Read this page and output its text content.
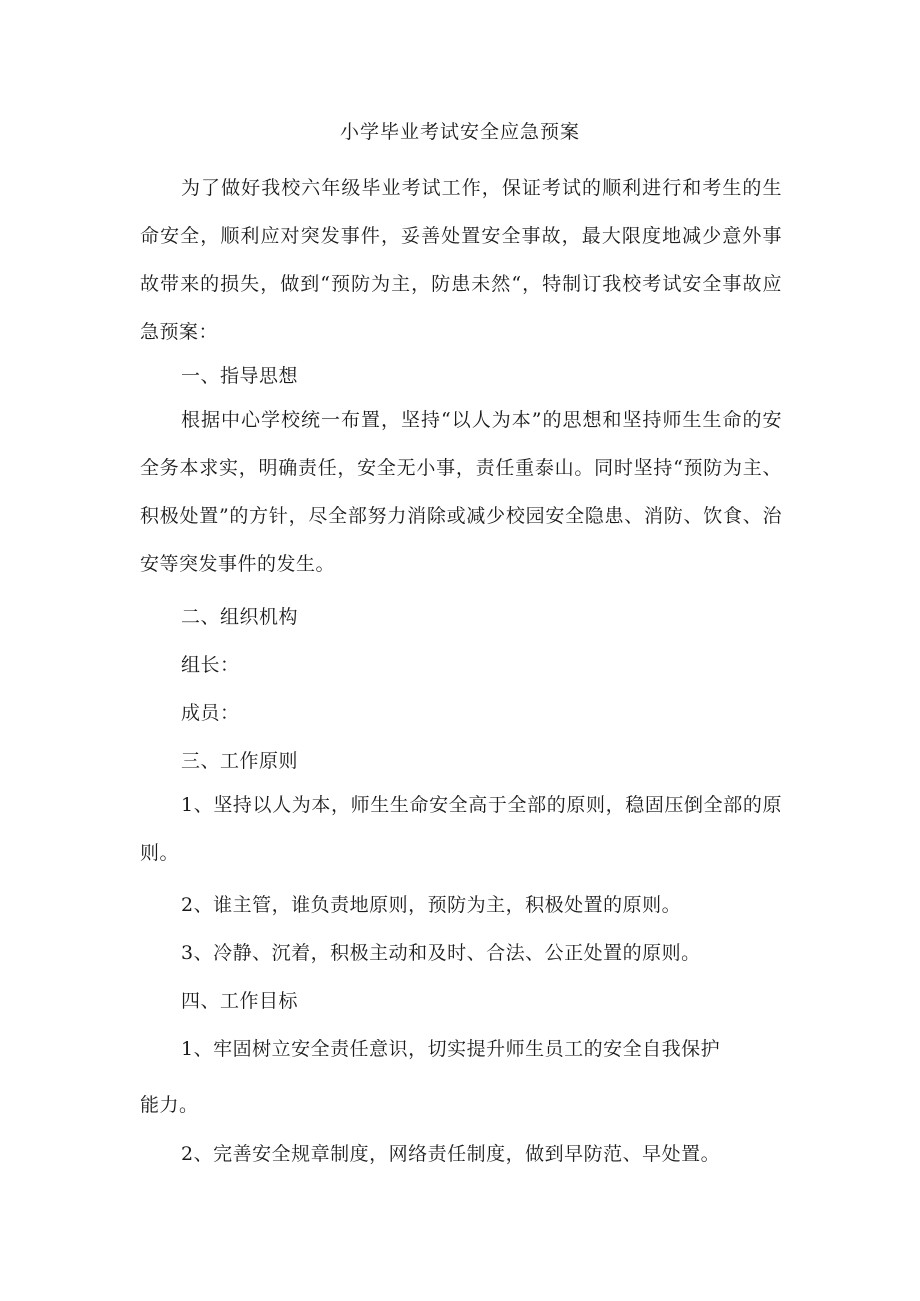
小学毕业考试安全应急预案

为了做好我校六年级毕业考试工作，保证考试的顺利进行和考生的生命安全，顺利应对突发事件，妥善处置安全事故，最大限度地减少意外事故带来的损失，做到“预防为主，防患未然“，特制订我校考试安全事故应急预案：

一、指导思想

根据中心学校统一布置，坚持“以人为本”的思想和坚持师生生命的安全务本求实，明确责任，安全无小事，责任重泰山。同时坚持“预防为主、积极处置”的方针，尽全部努力消除或减少校园安全隐患、消防、饮食、治安等突发事件的发生。

二、组织机构
组长：
成员：
三、工作原则

1、坚持以人为本，师生生命安全高于全部的原则，稳固压倒全部的原则。

2、谁主管，谁负责地原则，预防为主，积极处置的原则。
3、冷静、沉着，积极主动和及时、合法、公正处置的原则。
四、工作目标
1、牢固树立安全责任意识，切实提升师生员工的安全自我保护
能力。
2、完善安全规章制度，网络责任制度，做到早防范、早处置。
